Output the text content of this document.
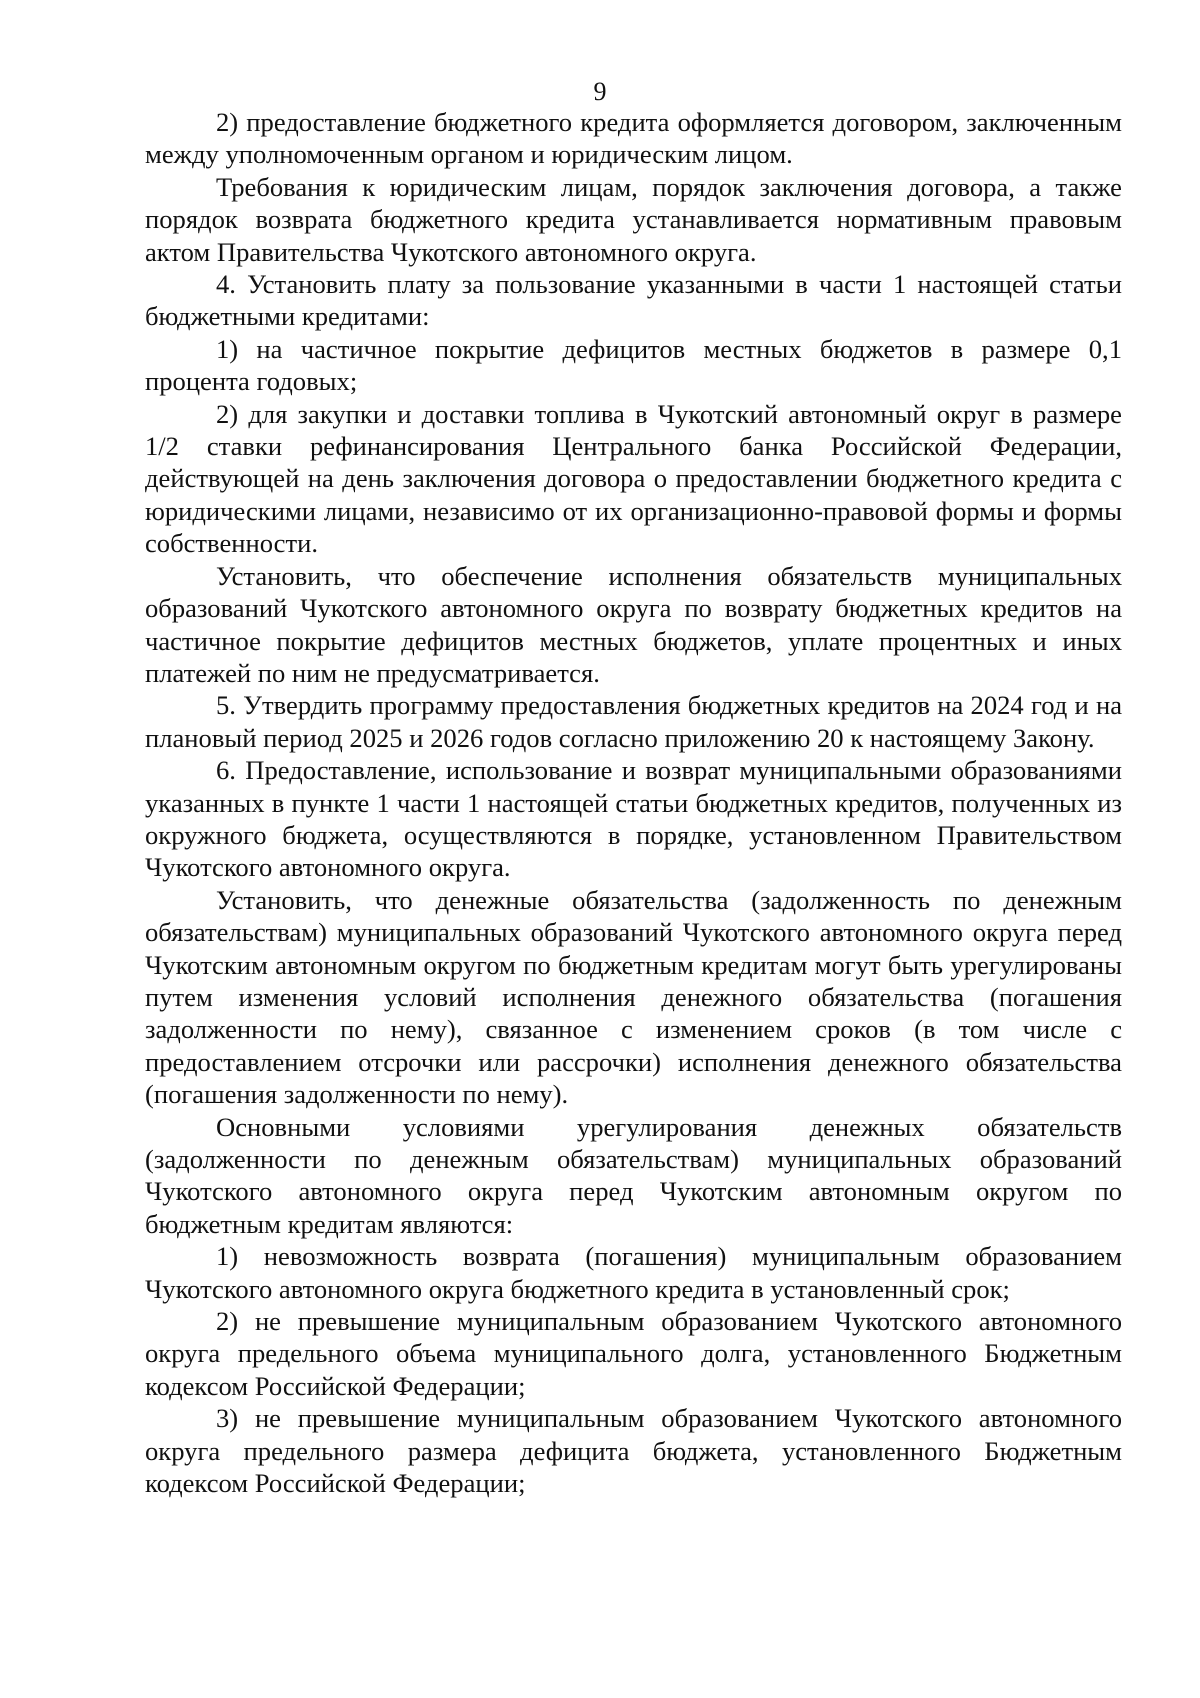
9

2) предоставление бюджетного кредита оформляется договором, заключенным между уполномоченным органом и юридическим лицом.

Требования к юридическим лицам, порядок заключения договора, а также порядок возврата бюджетного кредита устанавливается нормативным правовым актом Правительства Чукотского автономного округа.

4. Установить плату за пользование указанными в части 1 настоящей статьи бюджетными кредитами:

1) на частичное покрытие дефицитов местных бюджетов в размере 0,1 процента годовых;

2) для закупки и доставки топлива в Чукотский автономный округ в размере 1/2 ставки рефинансирования Центрального банка Российской Федерации, действующей на день заключения договора о предоставлении бюджетного кредита с юридическими лицами, независимо от их организационно-правовой формы и формы собственности.

Установить, что обеспечение исполнения обязательств муниципальных образований Чукотского автономного округа по возврату бюджетных кредитов на частичное покрытие дефицитов местных бюджетов, уплате процентных и иных платежей по ним не предусматривается.

5. Утвердить программу предоставления бюджетных кредитов на 2024 год и на плановый период 2025 и 2026 годов согласно приложению 20 к настоящему Закону.

6. Предоставление, использование и возврат муниципальными образованиями указанных в пункте 1 части 1 настоящей статьи бюджетных кредитов, полученных из окружного бюджета, осуществляются в порядке, установленном Правительством Чукотского автономного округа.

Установить, что денежные обязательства (задолженность по денежным обязательствам) муниципальных образований Чукотского автономного округа перед Чукотским автономным округом по бюджетным кредитам могут быть урегулированы путем изменения условий исполнения денежного обязательства (погашения задолженности по нему), связанное с изменением сроков (в том числе с предоставлением отсрочки или рассрочки) исполнения денежного обязательства (погашения задолженности по нему).

Основными условиями урегулирования денежных обязательств (задолженности по денежным обязательствам) муниципальных образований Чукотского автономного округа перед Чукотским автономным округом по бюджетным кредитам являются:

1) невозможность возврата (погашения) муниципальным образованием Чукотского автономного округа бюджетного кредита в установленный срок;

2) не превышение муниципальным образованием Чукотского автономного округа предельного объема муниципального долга, установленного Бюджетным кодексом Российской Федерации;

3) не превышение муниципальным образованием Чукотского автономного округа предельного размера дефицита бюджета, установленного Бюджетным кодексом Российской Федерации;
